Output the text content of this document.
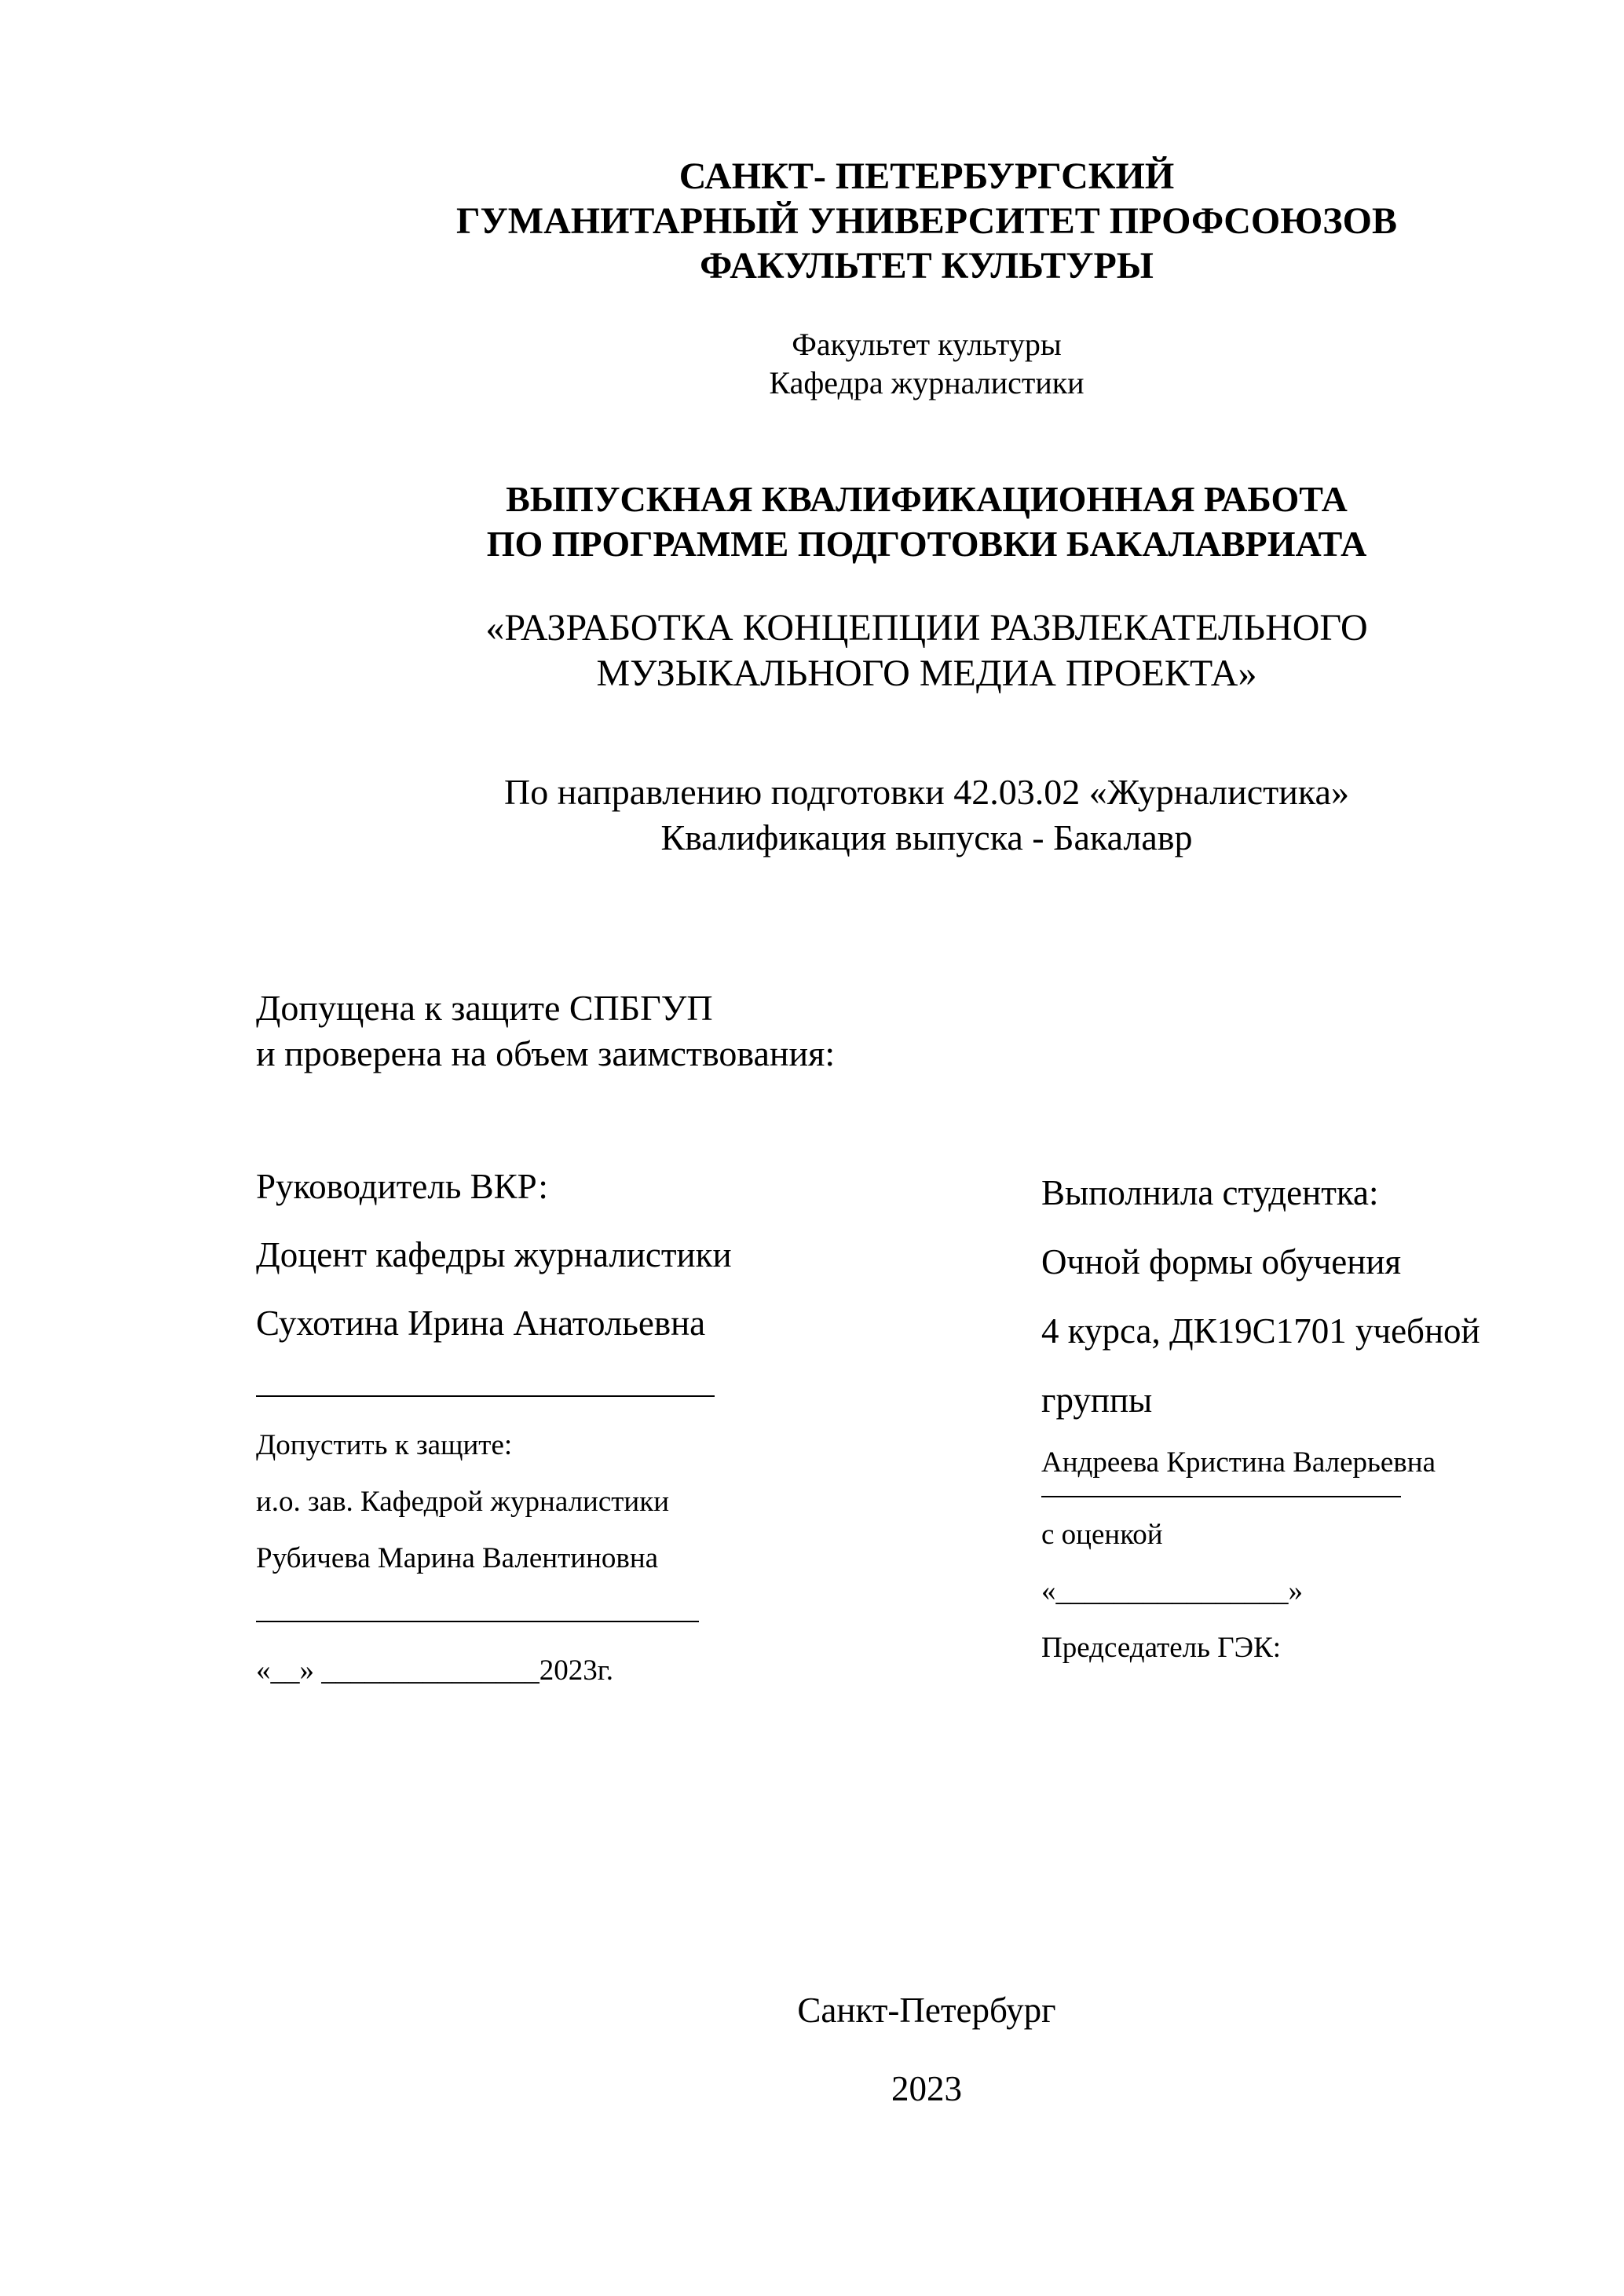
САНКТ- ПЕТЕРБУРГСКИЙ
ГУМАНИТАРНЫЙ УНИВЕРСИТЕТ ПРОФСОЮЗОВ
ФАКУЛЬТЕТ КУЛЬТУРЫ
Факультет культуры
Кафедра журналистики
ВЫПУСКНАЯ КВАЛИФИКАЦИОННАЯ РАБОТА
ПО ПРОГРАММЕ ПОДГОТОВКИ БАКАЛАВРИАТА
«РАЗРАБОТКА КОНЦЕПЦИИ РАЗВЛЕКАТЕЛЬНОГО
МУЗЫКАЛЬНОГО МЕДИА ПРОЕКТА»
По направлению подготовки 42.03.02 «Журналистика»
Квалификация выпуска - Бакалавр
Допущена к защите СПБГУП
и проверена на объем заимствования:
Руководитель ВКР:
Доцент кафедры журналистики
Сухотина Ирина Анатольевна
Допустить к защите:
и.о. зав. Кафедрой журналистики
Рубичева Марина Валентиновна
«__» _______________2023г.
Выполнила студентка:
Очной формы обучения
4 курса, ДК19С1701 учебной
группы
Андреева Кристина Валерьевна
с оценкой
«________________»
Председатель ГЭК:
Санкт-Петербург
2023
